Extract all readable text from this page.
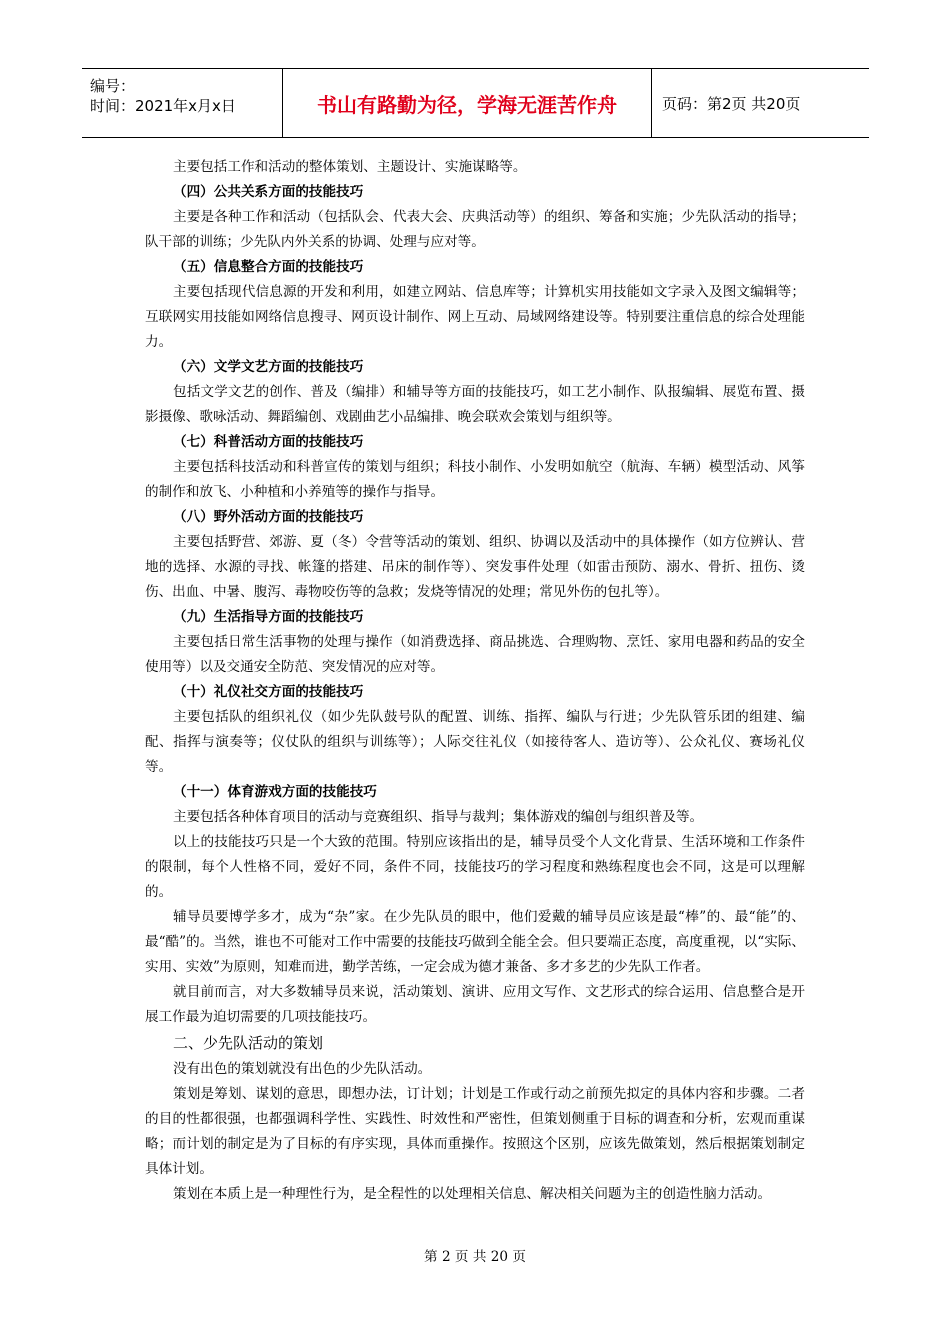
编号：
时间：2021年x月x日	书山有路勤为径，学海无涯苦作舟	页码：第2页 共20页

主要包括工作和活动的整体策划、主题设计、实施谋略等。

（四）公共关系方面的技能技巧

主要是各种工作和活动（包括队会、代表大会、庆典活动等）的组织、筹备和实施；少先队活动的指导；队干部的训练；少先队内外关系的协调、处理与应对等。

（五）信息整合方面的技能技巧

主要包括现代信息源的开发和利用，如建立网站、信息库等；计算机实用技能如文字录入及图文编辑等；互联网实用技能如网络信息搜寻、网页设计制作、网上互动、局域网络建设等。特别要注重信息的综合处理能力。

（六）文学文艺方面的技能技巧

包括文学文艺的创作、普及（编排）和辅导等方面的技能技巧，如工艺小制作、队报编辑、展览布置、摄影摄像、歌咏活动、舞蹈编创、戏剧曲艺小品编排、晚会联欢会策划与组织等。

（七）科普活动方面的技能技巧

主要包括科技活动和科普宣传的策划与组织；科技小制作、小发明如航空（航海、车辆）模型活动、风筝的制作和放飞、小种植和小养殖等的操作与指导。

（八）野外活动方面的技能技巧

主要包括野营、郊游、夏（冬）令营等活动的策划、组织、协调以及活动中的具体操作（如方位辨认、营地的选择、水源的寻找、帐篷的搭建、吊床的制作等）、突发事件处理（如雷击预防、溺水、骨折、扭伤、烫伤、出血、中暑、腹泻、毒物咬伤等的急救；发烧等情况的处理；常见外伤的包扎等）。

（九）生活指导方面的技能技巧

主要包括日常生活事物的处理与操作（如消费选择、商品挑选、合理购物、烹饪、家用电器和药品的安全使用等）以及交通安全防范、突发情况的应对等。

（十）礼仪社交方面的技能技巧

主要包括队的组织礼仪（如少先队鼓号队的配置、训练、指挥、编队与行进；少先队管乐团的组建、编配、指挥与演奏等；仪仗队的组织与训练等）；人际交往礼仪（如接待客人、造访等）、公众礼仪、赛场礼仪等。

（十一）体育游戏方面的技能技巧

主要包括各种体育项目的活动与竞赛组织、指导与裁判；集体游戏的编创与组织普及等。

以上的技能技巧只是一个大致的范围。特别应该指出的是，辅导员受个人文化背景、生活环境和工作条件的限制，每个人性格不同，爱好不同，条件不同，技能技巧的学习程度和熟练程度也会不同，这是可以理解的。

辅导员要博学多才，成为“杂”家。在少先队员的眼中，他们爱戴的辅导员应该是最“棒”的、最“能”的、最“酷”的。当然，谁也不可能对工作中需要的技能技巧做到全能全会。但只要端正态度，高度重视，以“实际、实用、实效”为原则，知难而进，勤学苦练，一定会成为德才兼备、多才多艺的少先队工作者。

就目前而言，对大多数辅导员来说，活动策划、演讲、应用文写作、文艺形式的综合运用、信息整合是开展工作最为迫切需要的几项技能技巧。

二、少先队活动的策划

没有出色的策划就没有出色的少先队活动。

策划是筹划、谋划的意思，即想办法，订计划；计划是工作或行动之前预先拟定的具体内容和步骤。二者的目的性都很强，也都强调科学性、实践性、时效性和严密性，但策划侧重于目标的调查和分析，宏观而重谋略；而计划的制定是为了目标的有序实现，具体而重操作。按照这个区别，应该先做策划，然后根据策划制定具体计划。

策划在本质上是一种理性行为，是全程性的以处理相关信息、解决相关问题为主的创造性脑力活动。

第 2 页 共 20 页
